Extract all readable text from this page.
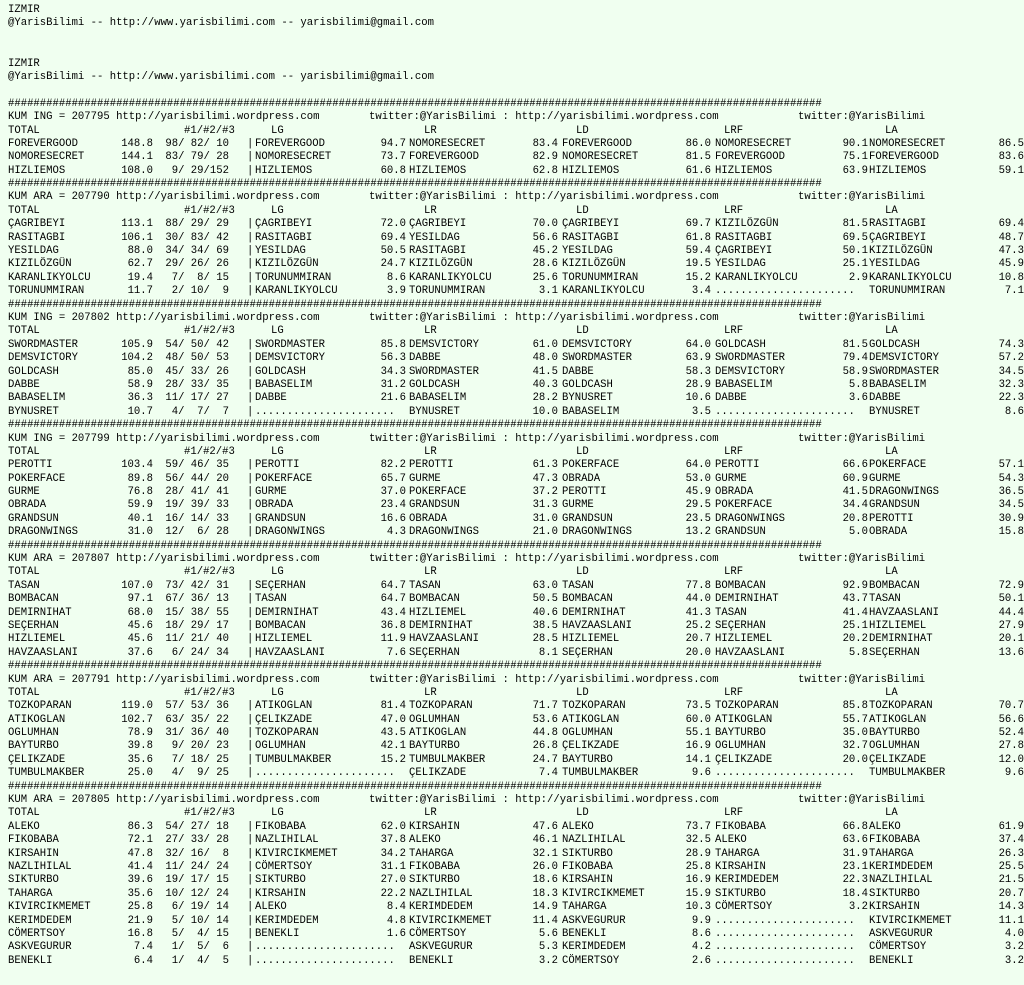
IZMIR
@YarisBilimi -- http://www.yarisbilimi.com -- yarisbilimi@gmail.com
IZMIR
@YarisBilimi -- http://www.yarisbilimi.com -- yarisbilimi@gmail.com
################################################################################################################################
KUM ING = 207795 http://yarisbilimi.wordpress.com	twitter:@YarisBilimi : http://yarisbilimi.wordpress.com	twitter:@YarisBilimi
TOTAL	#1/#2/#3	LG	LR	LD	LRF	LA
FOREVERGOOD	148.8 98/ 82/ 10 | FOREVERGOOD	94.7 NOMORESECRET	83.4 FOREVERGOOD	86.0 NOMORESECRET	90.1 NOMORESECRET	86.5
NOMORESECRET	144.1 83/ 79/ 28 | NOMORESECRET	73.7 FOREVERGOOD	82.9 NOMORESECRET	81.5 FOREVERGOOD	75.1 FOREVERGOOD	83.6
HIZLIEMOS	108.0 9/ 29/152 | HIZLIEMOS	60.8 HIZLIEMOS	62.8 HIZLIEMOS	61.6 HIZLIEMOS	63.9 HIZLIEMOS	59.1
################################################################################################################################
KUM ARA = 207790 http://yarisbilimi.wordpress.com	twitter:@YarisBilimi : http://yarisbilimi.wordpress.com	twitter:@YarisBilimi
TOTAL	#1/#2/#3	LG	LR	LD	LRF	LA
ÇAGRIBEYI	113.1 88/ 29/ 29 | ÇAGRIBEYI	72.0 ÇAGRIBEYI	70.0 ÇAGRIBEYI	69.7 KIZILÖZGÜN	81.5 RASITAGBI	69.4
RASITAGBI	106.1 30/ 83/ 42 | RASITAGBI	69.4 YESILDAG	56.6 RASITAGBI	61.8 RASITAGBI	69.5 ÇAGRIBEYI	48.7
YESILDAG	88.0 34/ 34/ 69 | YESILDAG	50.5 RASITAGBI	45.2 YESILDAG	59.4 ÇAGRIBEYI	50.1 KIZILÖZGÜN	47.3
KIZILÖZGÜN	62.7 29/ 26/ 26 | KIZILÖZGÜN	24.7 KIZILÖZGÜN	28.6 KIZILÖZGÜN	19.5 YESILDAG	25.1 YESILDAG	45.9
KARANLIKYOLCU	19.4 7/  8/ 15 | TORUNUMMIRAN	8.6 KARANLIKYOLCU	25.6 TORUNUMMIRAN	15.2 KARANLIKYOLCU	2.9 KARANLIKYOLCU	10.8
TORUNUMMIRAN	11.7 2/ 10/  9 | KARANLIKYOLCU	3.9 TORUNUMMIRAN	3.1 KARANLIKYOLCU	3.4 ...................... TORUNUMMIRAN	7.1
################################################################################################################################
KUM ING = 207802 http://yarisbilimi.wordpress.com	twitter:@YarisBilimi : http://yarisbilimi.wordpress.com	twitter:@YarisBilimi
TOTAL	#1/#2/#3	LG	LR	LD	LRF	LA
SWORDMASTER	105.9 54/ 50/ 42 | SWORDMASTER	85.8 DEMSVICTORY	61.0 DEMSVICTORY	64.0 GOLDCASH	81.5 GOLDCASH	74.3
DEMSVICTORY	104.2 48/ 50/ 53 | DEMSVICTORY	56.3 DABBE	48.0 SWORDMASTER	63.9 SWORDMASTER	79.4 DEMSVICTORY	57.2
GOLDCASH	85.0 45/ 33/ 26 | GOLDCASH	34.3 SWORDMASTER	41.5 DABBE	58.3 DEMSVICTORY	58.9 SWORDMASTER	34.5
DABBE	58.9 28/ 33/ 35 | BABASELIM	31.2 GOLDCASH	40.3 GOLDCASH	28.9 BABASELIM	5.8 BABASELIM	32.3
BABASELIM	36.3 11/ 17/ 27 | DABBE	21.6 BABASELIM	28.2 BYNUSRET	10.6 DABBE	3.6 DABBE	22.3
BYNUSRET	10.7 4/  7/  7 | ...................... BYNUSRET	10.0 BABASELIM	3.5 ...................... BYNUSRET	8.6
################################################################################################################################
KUM ING = 207799 http://yarisbilimi.wordpress.com	twitter:@YarisBilimi : http://yarisbilimi.wordpress.com	twitter:@YarisBilimi
TOTAL	#1/#2/#3	LG	LR	LD	LRF	LA
PEROTTI	103.4 59/ 46/ 35 | PEROTTI	82.2 PEROTTI	61.3 POKERFACE	64.0 PEROTTI	66.6 POKERFACE	57.1
POKERFACE	89.8 56/ 44/ 20 | POKERFACE	65.7 GURME	47.3 OBRADA	53.0 GURME	60.9 GURME	54.3
GURME	76.8 28/ 41/ 41 | GURME	37.0 POKERFACE	37.2 PEROTTI	45.9 OBRADA	41.5 DRAGONWINGS	36.5
OBRADA	59.9 19/ 39/ 33 | OBRADA	23.4 GRANDSUN	31.3 GURME	29.5 POKERFACE	34.4 GRANDSUN	34.5
GRANDSUN	40.1 16/ 14/ 33 | GRANDSUN	16.6 OBRADA	31.0 GRANDSUN	23.5 DRAGONWINGS	20.8 PEROTTI	30.9
DRAGONWINGS	31.0 12/  6/ 28 | DRAGONWINGS	4.3 DRAGONWINGS	21.0 DRAGONWINGS	13.2 GRANDSUN	5.0 OBRADA	15.8
################################################################################################################################
KUM ARA = 207807 http://yarisbilimi.wordpress.com	twitter:@YarisBilimi : http://yarisbilimi.wordpress.com	twitter:@YarisBilimi
TOTAL	#1/#2/#3	LG	LR	LD	LRF	LA
TASAN	107.0 73/ 42/ 31 | SEÇERHAN	64.7 TASAN	63.0 TASAN	77.8 BOMBACAN	92.9 BOMBACAN	72.9
BOMBACAN	97.1 67/ 36/ 13 | TASAN	64.7 BOMBACAN	50.5 BOMBACAN	44.0 DEMIRNIHAT	43.7 TASAN	50.1
DEMIRNIHAT	68.0 15/ 38/ 55 | DEMIRNIHAT	43.4 HIZLIEMEL	40.6 DEMIRNIHAT	41.3 TASAN	41.4 HAVZAASLANI	44.4
SEÇERHAN	45.6 18/ 29/ 17 | BOMBACAN	36.8 DEMIRNIHAT	38.5 HAVZAASLANI	25.2 SEÇERHAN	25.1 HIZLIEMEL	27.9
HIZLIEMEL	45.6 11/ 21/ 40 | HIZLIEMEL	11.9 HAVZAASLANI	28.5 HIZLIEMEL	20.7 HIZLIEMEL	20.2 DEMIRNIHAT	20.1
HAVZAASLANI	37.6 6/ 24/ 34 | HAVZAASLANI	7.6 SEÇERHAN	8.1 SEÇERHAN	20.0 HAVZAASLANI	5.8 SEÇERHAN	13.6
################################################################################################################################
KUM ARA = 207791 http://yarisbilimi.wordpress.com	twitter:@YarisBilimi : http://yarisbilimi.wordpress.com	twitter:@YarisBilimi
TOTAL	#1/#2/#3	LG	LR	LD	LRF	LA
TOZKOPARAN	119.0 57/ 53/ 36 | ATIKOGLAN	81.4 TOZKOPARAN	71.7 TOZKOPARAN	73.5 TOZKOPARAN	85.8 TOZKOPARAN	70.7
ATIKOGLAN	102.7 63/ 35/ 22 | ÇELIKZADE	47.0 OGLUMHAN	53.6 ATIKOGLAN	60.0 ATIKOGLAN	55.7 ATIKOGLAN	56.6
OGLUMHAN	78.9 31/ 36/ 40 | TOZKOPARAN	43.5 ATIKOGLAN	44.8 OGLUMHAN	55.1 BAYTURBO	35.0 BAYTURBO	52.4
BAYTURBO	39.8 9/ 20/ 23 | OGLUMHAN	42.1 BAYTURBO	26.8 ÇELIKZADE	16.9 OGLUMHAN	32.7 OGLUMHAN	27.8
ÇELIKZADE	35.6 7/ 18/ 25 | TUMBULMAKBER	15.2 TUMBULMAKBER	24.7 BAYTURBO	14.1 ÇELIKZADE	20.0 ÇELIKZADE	12.0
TUMBULMAKBER	25.0 4/  9/ 25 | ...................... ÇELIKZADE	7.4 TUMBULMAKBER	9.6 ...................... TUMBULMAKBER	9.6
################################################################################################################################
KUM ARA = 207805 http://yarisbilimi.wordpress.com	twitter:@YarisBilimi : http://yarisbilimi.wordpress.com	twitter:@YarisBilimi
TOTAL	#1/#2/#3	LG	LR	LD	LRF	LA
ALEKO	86.3 54/ 27/ 18 | FIKOBABA	62.0 KIRSAHIN	47.6 ALEKO	73.7 FIKOBABA	66.8 ALEKO	61.9
FIKOBABA	72.1 27/ 33/ 28 | NAZLIHILAL	37.8 ALEKO	46.1 NAZLIHILAL	32.5 ALEKO	63.6 FIKOBABA	37.4
KIRSAHIN	47.8 32/ 16/  8 | KIVIRCIKMEMET	34.2 TAHARGA	32.1 SIKTURBO	28.9 TAHARGA	31.9 TAHARGA	26.3
NAZLIHILAL	41.4 11/ 24/ 24 | CÖMERTSOY	31.1 FIKOBABA	26.0 FIKOBABA	25.8 KIRSAHIN	23.1 KERIMDEDEM	25.5
SIKTURBO	39.6 19/ 17/ 15 | SIKTURBO	27.0 SIKTURBO	18.6 KIRSAHIN	16.9 KERIMDEDEM	22.3 NAZLIHILAL	21.5
TAHARGA	35.6 10/ 12/ 24 | KIRSAHIN	22.2 NAZLIHILAL	18.3 KIVIRCIKMEMET	15.9 SIKTURBO	18.4 SIKTURBO	20.7
KIVIRCIKMEMET	25.8 6/ 19/ 14 | ALEKO	8.4 KERIMDEDEM	14.9 TAHARGA	10.3 CÖMERTSOY	3.2 KIRSAHIN	14.3
KERIMDEDEM	21.9 5/ 10/ 14 | KERIMDEDEM	4.8 KIVIRCIKMEMET	11.4 ASKVEGURUR	9.9 ...................... KIVIRCIKMEMET	11.1
CÖMERTSOY	16.8 5/  4/ 15 | BENEKLI	1.6 CÖMERTSOY	5.6 BENEKLI	8.6 ...................... ASKVEGURUR	4.0
ASKVEGURUR	7.4 1/  5/  6 | ...................... ASKVEGURUR	5.3 KERIMDEDEM	4.2 ...................... CÖMERTSOY	3.2
BENEKLI	6.4 1/  4/  5 | ...................... BENEKLI	3.2 CÖMERTSOY	2.6 ...................... BENEKLI	3.2
